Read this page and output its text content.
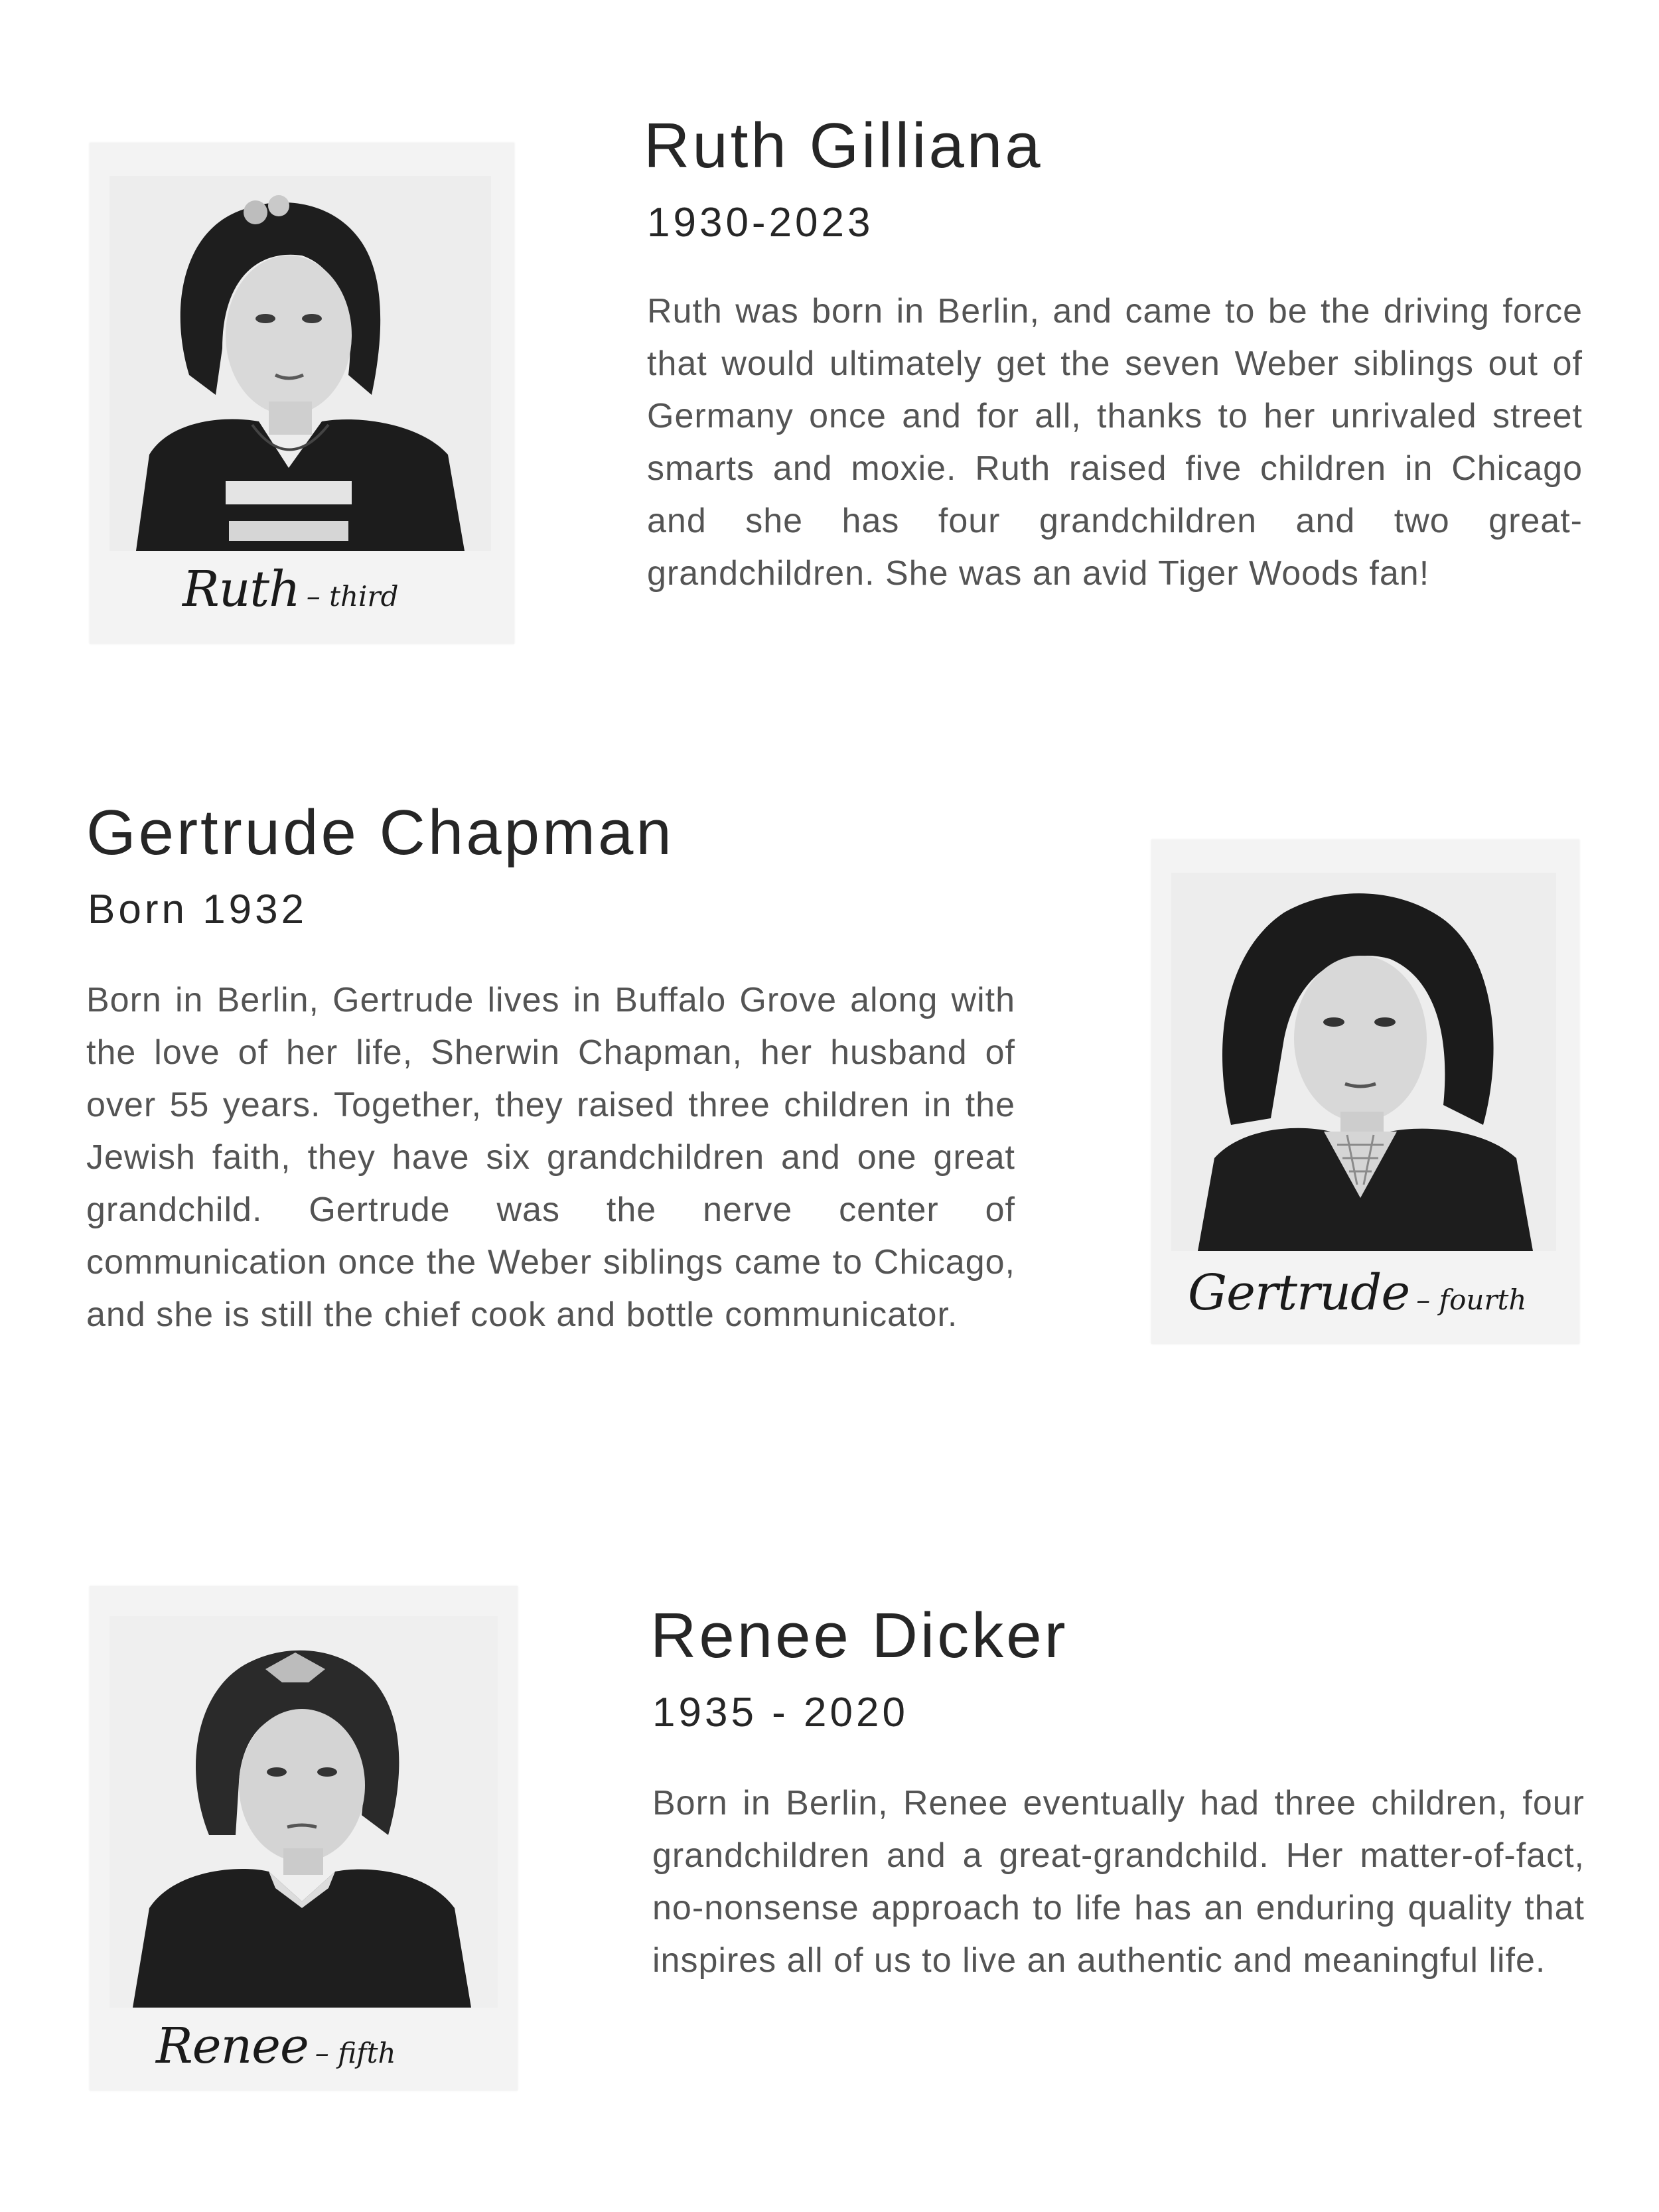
Ruth – third
Ruth Gilliana
1930-2023

Ruth was born in Berlin, and came to be the driving force that would ultimately get the seven Weber siblings out of Germany once and for all, thanks to her unrivaled street smarts and moxie. Ruth raised five children in Chicago and she has four grandchildren and two great-grandchildren. She was an avid Tiger Woods fan!

Gertrude Chapman
Born 1932

Born in Berlin, Gertrude lives in Buffalo Grove along with the love of her life, Sherwin Chapman, her husband of over 55 years. Together, they raised three children in the Jewish faith, they have six grandchildren and one great grandchild. Gertrude was the nerve center of communication once the Weber siblings came to Chicago, and she is still the chief cook and bottle communicator.	Gertrude – fourth
Renee – fifth
Renee Dicker
1935 - 2020

Born in Berlin, Renee eventually had three children, four grandchildren and a great-grandchild. Her matter-of-fact, no-nonsense approach to life has an enduring quality that inspires all of us to live an authentic and meaningful life.
